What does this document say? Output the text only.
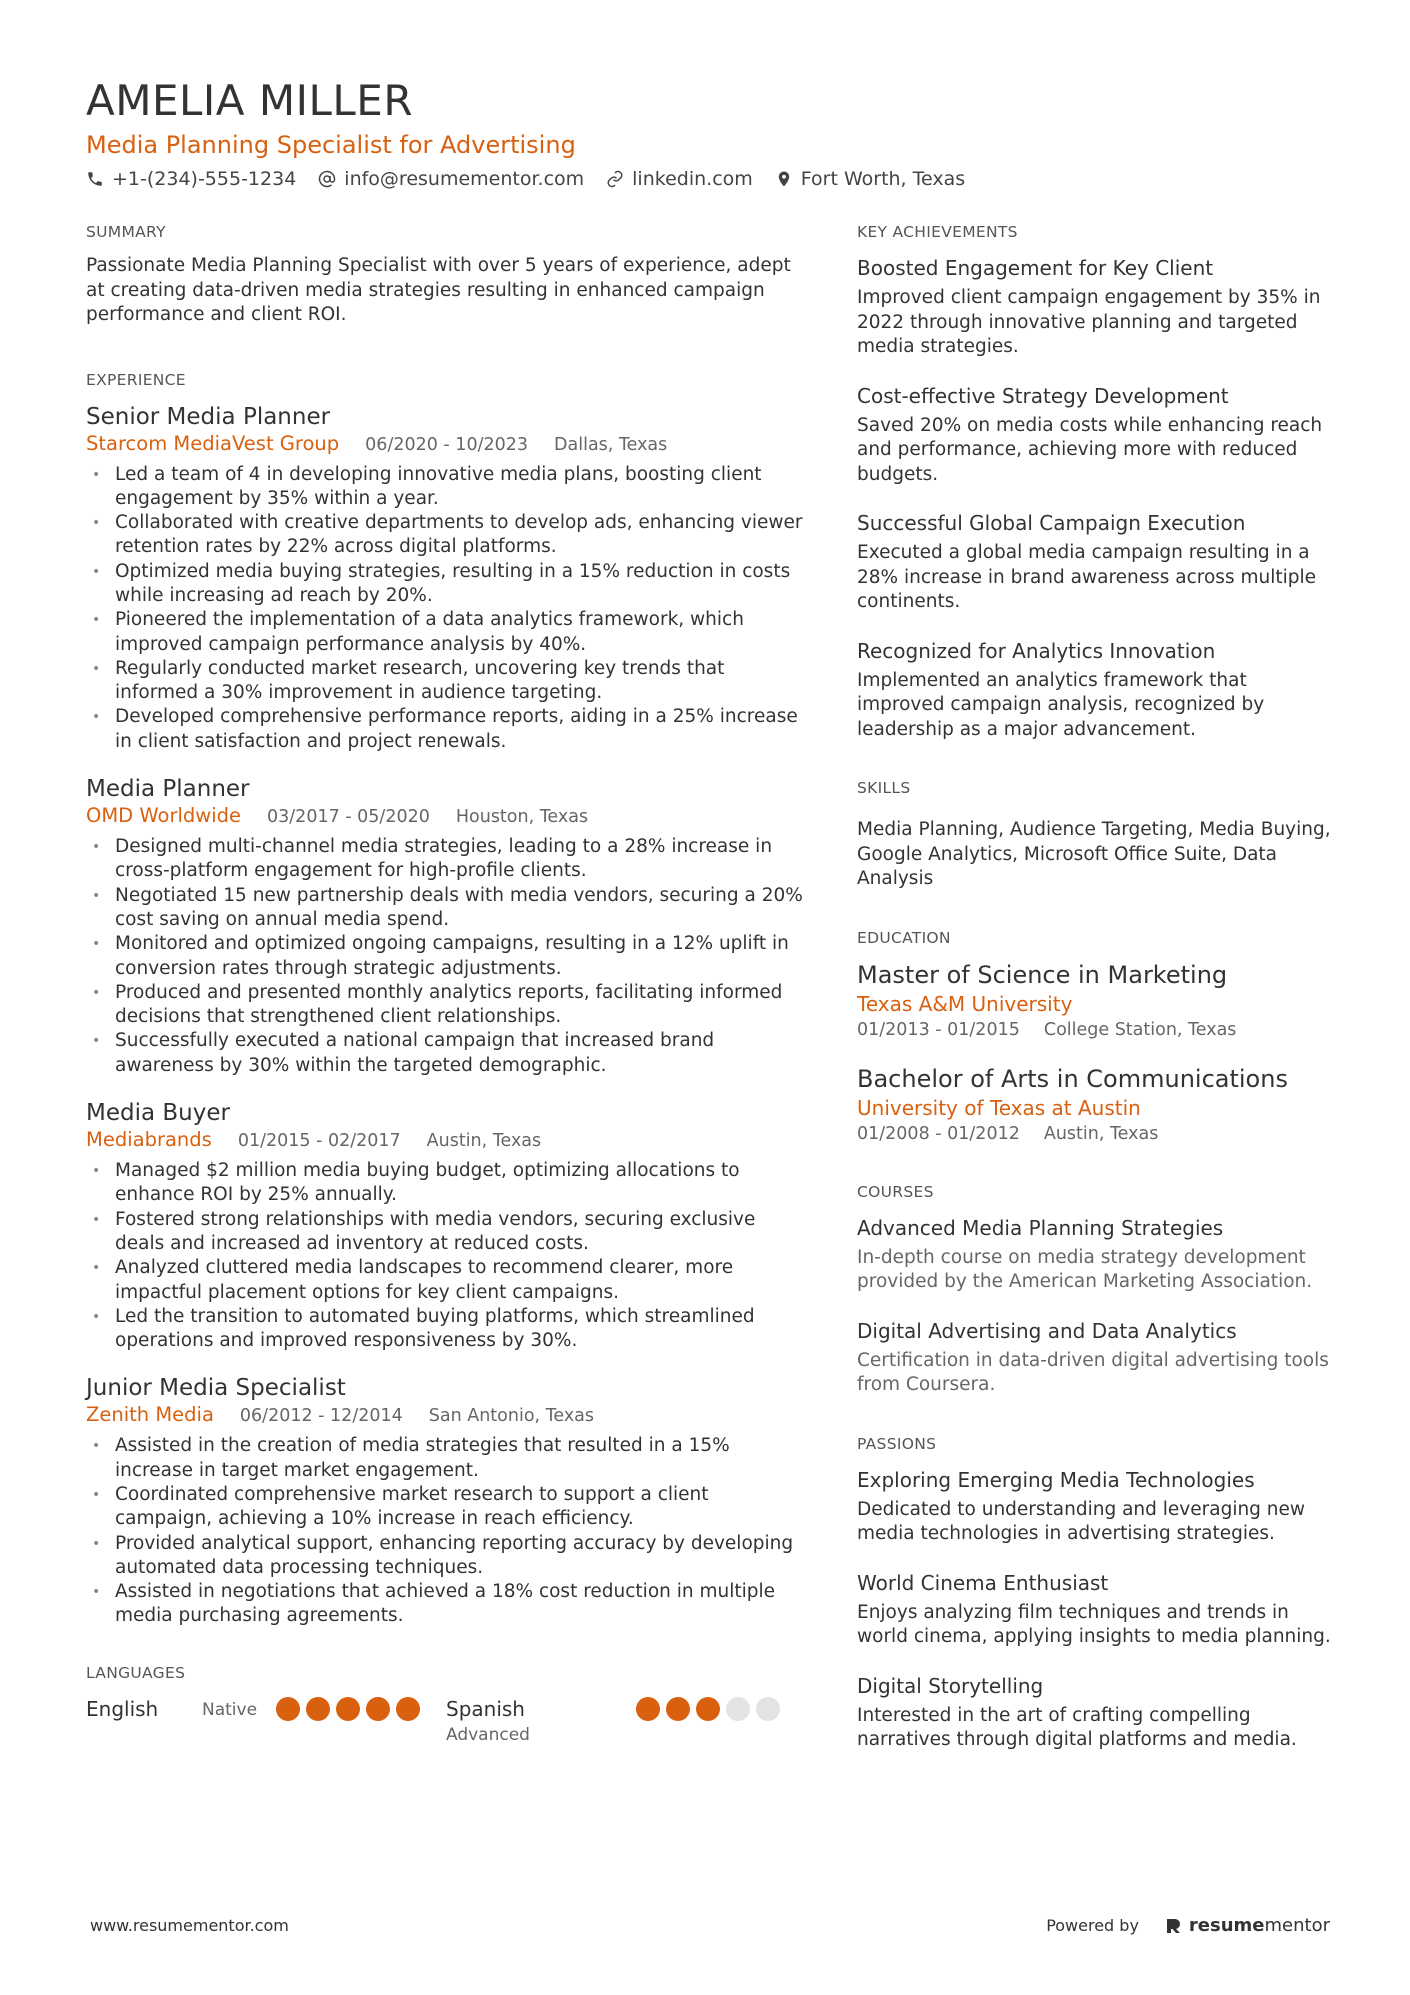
AMELIA MILLER
Media Planning Specialist for Advertising
+1-(234)-555-1234	info@resumementor.com	linkedin.com	Fort Worth, Texas
SUMMARY

Passionate Media Planning Specialist with over 5 years of experience, adept at creating data-driven media strategies resulting in enhanced campaign performance and client ROI.

EXPERIENCE
Senior Media Planner
Starcom MediaVest Group 06/2020 - 10/2023 Dallas, Texas
• Led a team of 4 in developing innovative media plans, boosting client engagement by 35% within a year.
• Collaborated with creative departments to develop ads, enhancing viewer retention rates by 22% across digital platforms.
• Optimized media buying strategies, resulting in a 15% reduction in costs while increasing ad reach by 20%.
• Pioneered the implementation of a data analytics framework, which improved campaign performance analysis by 40%.
• Regularly conducted market research, uncovering key trends that informed a 30% improvement in audience targeting.
• Developed comprehensive performance reports, aiding in a 25% increase in client satisfaction and project renewals.
Media Planner
OMD Worldwide 03/2017 - 05/2020 Houston, Texas
• Designed multi-channel media strategies, leading to a 28% increase in cross-platform engagement for high-profile clients.
• Negotiated 15 new partnership deals with media vendors, securing a 20% cost saving on annual media spend.
• Monitored and optimized ongoing campaigns, resulting in a 12% uplift in conversion rates through strategic adjustments.
• Produced and presented monthly analytics reports, facilitating informed decisions that strengthened client relationships.
• Successfully executed a national campaign that increased brand awareness by 30% within the targeted demographic.
Media Buyer
Mediabrands 01/2015 - 02/2017 Austin, Texas
• Managed $2 million media buying budget, optimizing allocations to enhance ROI by 25% annually.
• Fostered strong relationships with media vendors, securing exclusive deals and increased ad inventory at reduced costs.
• Analyzed cluttered media landscapes to recommend clearer, more impactful placement options for key client campaigns.
• Led the transition to automated buying platforms, which streamlined operations and improved responsiveness by 30%.
Junior Media Specialist
Zenith Media 06/2012 - 12/2014 San Antonio, Texas
• Assisted in the creation of media strategies that resulted in a 15% increase in target market engagement.
• Coordinated comprehensive market research to support a client campaign, achieving a 10% increase in reach efficiency.
• Provided analytical support, enhancing reporting accuracy by developing automated data processing techniques.
• Assisted in negotiations that achieved a 18% cost reduction in multiple media purchasing agreements.
LANGUAGES
English	Native	Spanish
Advanced
KEY ACHIEVEMENTS
Boosted Engagement for Key Client
Improved client campaign engagement by 35% in 2022 through innovative planning and targeted media strategies.
Cost-effective Strategy Development
Saved 20% on media costs while enhancing reach and performance, achieving more with reduced budgets.
Successful Global Campaign Execution
Executed a global media campaign resulting in a 28% increase in brand awareness across multiple continents.
Recognized for Analytics Innovation
Implemented an analytics framework that improved campaign analysis, recognized by leadership as a major advancement.
SKILLS
Media Planning, Audience Targeting, Media Buying, Google Analytics, Microsoft Office Suite, Data Analysis
EDUCATION
Master of Science in Marketing
Texas A&M University
01/2013 - 01/2015 College Station, Texas
Bachelor of Arts in Communications
University of Texas at Austin
01/2008 - 01/2012 Austin, Texas
COURSES
Advanced Media Planning Strategies
In-depth course on media strategy development provided by the American Marketing Association.
Digital Advertising and Data Analytics
Certification in data-driven digital advertising tools from Coursera.
PASSIONS
Exploring Emerging Media Technologies
Dedicated to understanding and leveraging new media technologies in advertising strategies.
World Cinema Enthusiast
Enjoys analyzing film techniques and trends in world cinema, applying insights to media planning.
Digital Storytelling
Interested in the art of crafting compelling narratives through digital platforms and media.
www.resumementor.com	Powered by	resumementor
